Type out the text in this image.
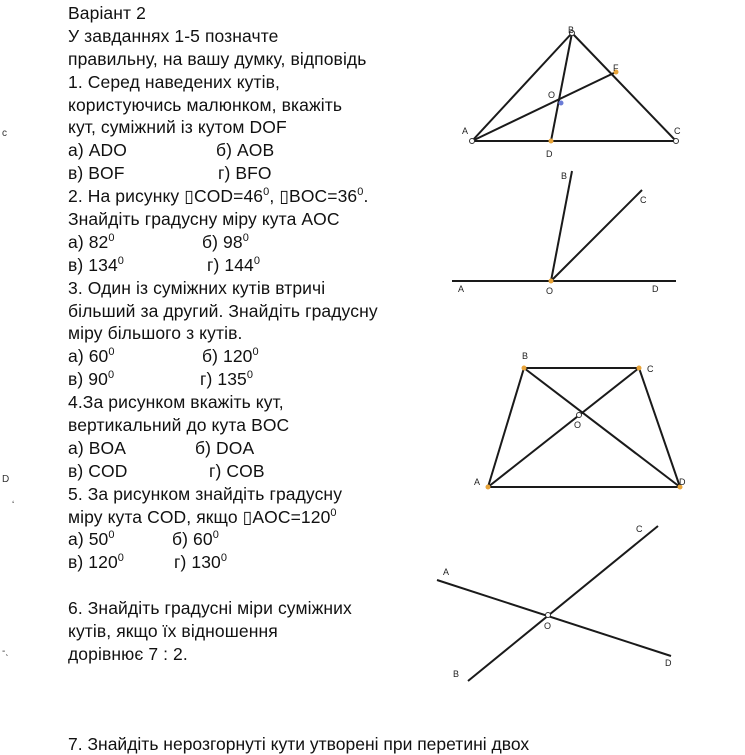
c
D
ʻ
-ˎ
Варіант 2
У завданнях 1-5 позначте
правильну, на вашу думку, відповідь
1. Серед наведених кутів,
користуючись малюнком, вкажіть
кут, суміжний із кутом DOF
а) ADO	б) AOB
в) BOF	г) BFO
2. На рисунку $▯COD=46^0$, $▯BOC=36^0$.
Знайдіть градусну міру кута AOC
а) $82^0$	б) $98^0$
в) $134^0$	г) $144^0$
3. Один із суміжних кутів втричі
більший за другий. Знайдіть градусну
міру більшого з кутів.
а) $60^0$	б) $120^0$
в) $90^0$	г) $135^0$
4.За рисунком вкажіть кут,
вертикальний до кута BOC
а) BOA	б) DOA
в) COD	г) COB
5. За рисунком знайдіть градусну
міру кута COD, якщо $▯AOC=120^0$
а) $50^0$	б) $60^0$
в) $120^0$	г) $130^0$
6. Знайдіть градусні міри суміжних
кутів, якщо їх відношення
дорівнює 7 : 2.
7. Знайдіть нерозгорнуті кути утворені при перетині двох
B
F
O
A	C
D
B
C
A	O	D
B
C
O
A	D
C
A
O
D
B
